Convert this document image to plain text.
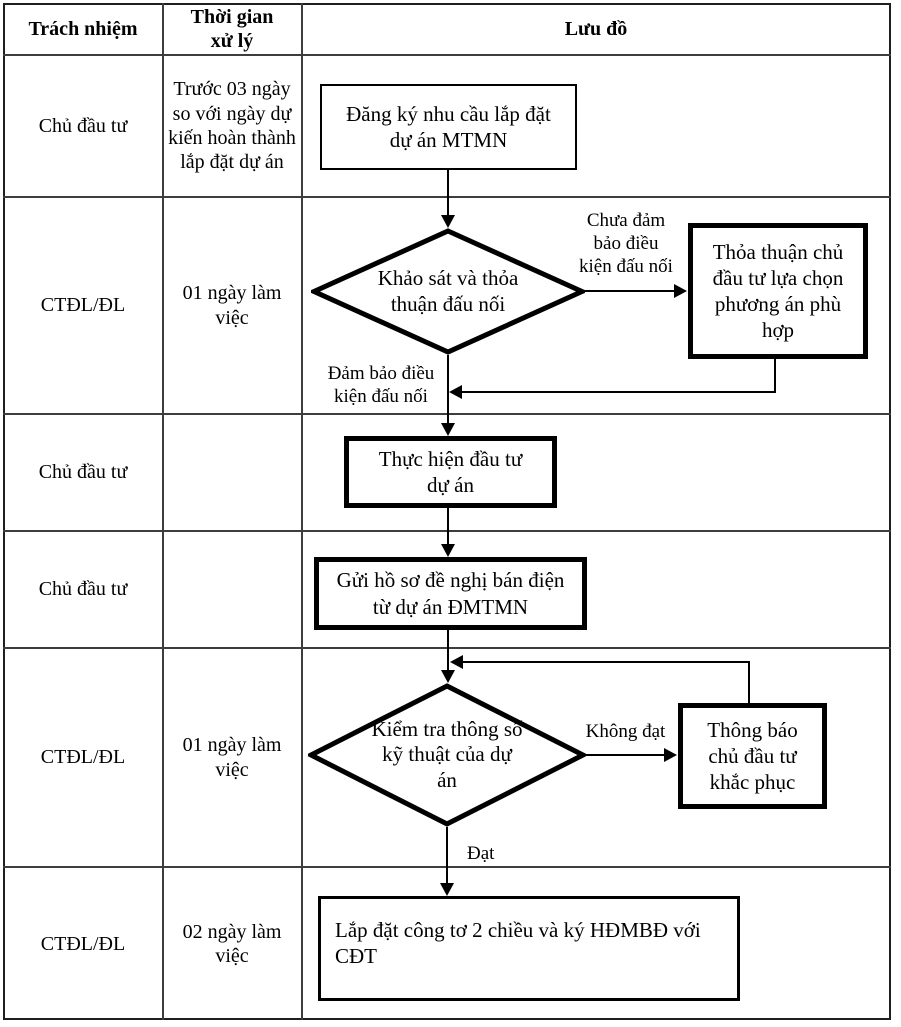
Trách nhiệm
Thời gian xử lý
Lưu đồ
Chủ đầu tư
CTĐL/ĐL
Chủ đầu tư
Chủ đầu tư
CTĐL/ĐL
CTĐL/ĐL
Trước 03 ngày so với ngày dự kiến hoàn thành lắp đặt dự án
01 ngày làm việc
01 ngày làm việc
02 ngày làm việc
Đăng ký nhu cầu lắp đặt dự án MTMN
Khảo sát và thỏa thuận đấu nối
Chưa đảm bảo điều kiện đấu nối
Thỏa thuận chủ đầu tư lựa chọn phương án phù hợp
Đảm bảo điều kiện đấu nối
Thực hiện đầu tư dự án
Gửi hồ sơ đề nghị bán điện từ dự án ĐMTMN
Kiểm tra thông số kỹ thuật của dự án
Không đạt	Thông báo chủ đầu tư khắc phục
Đạt
Lắp đặt công tơ 2 chiều và ký HĐMBĐ với CĐT
